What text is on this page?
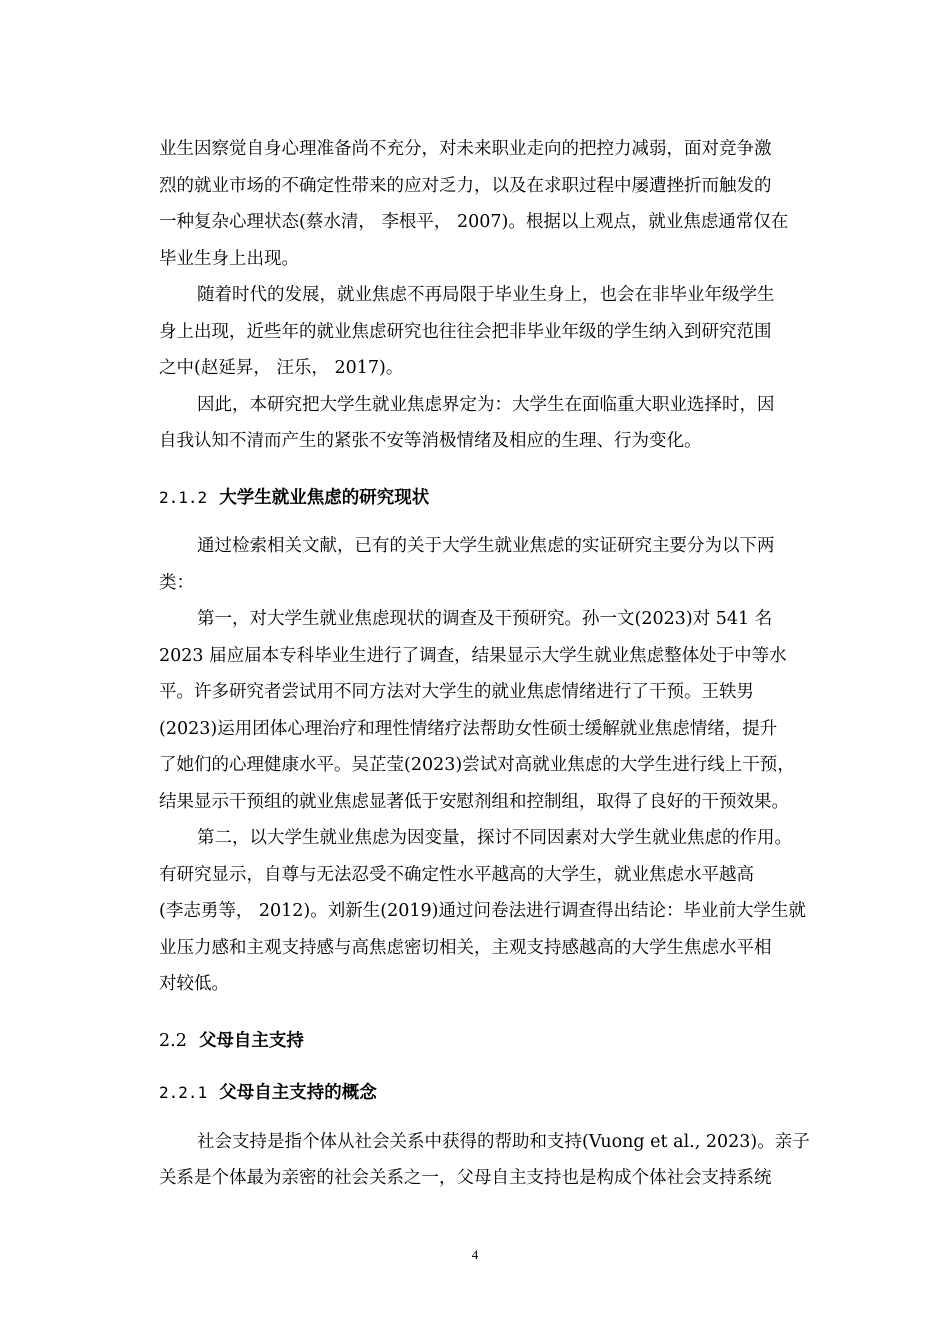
业生因察觉自身心理准备尚不充分，对未来职业走向的把控力减弱，面对竞争激
烈的就业市场的不确定性带来的应对乏力，以及在求职过程中屡遭挫折而触发的
一种复杂心理状态(蔡水清， 李根平， 2007)。根据以上观点，就业焦虑通常仅在
毕业生身上出现。

随着时代的发展，就业焦虑不再局限于毕业生身上，也会在非毕业年级学生
身上出现，近些年的就业焦虑研究也往往会把非毕业年级的学生纳入到研究范围
之中(赵延昇， 汪乐， 2017)。

因此，本研究把大学生就业焦虑界定为：大学生在面临重大职业选择时，因
自我认知不清而产生的紧张不安等消极情绪及相应的生理、行为变化。

2.1.2 大学生就业焦虑的研究现状

通过检索相关文献，已有的关于大学生就业焦虑的实证研究主要分为以下两
类：

第一，对大学生就业焦虑现状的调查及干预研究。孙一文(2023)对 541 名
2023 届应届本专科毕业生进行了调查，结果显示大学生就业焦虑整体处于中等水
平。许多研究者尝试用不同方法对大学生的就业焦虑情绪进行了干预。王轶男
(2023)运用团体心理治疗和理性情绪疗法帮助女性硕士缓解就业焦虑情绪，提升
了她们的心理健康水平。吴芷莹(2023)尝试对高就业焦虑的大学生进行线上干预，
结果显示干预组的就业焦虑显著低于安慰剂组和控制组，取得了良好的干预效果。

第二，以大学生就业焦虑为因变量，探讨不同因素对大学生就业焦虑的作用。
有研究显示，自尊与无法忍受不确定性水平越高的大学生，就业焦虑水平越高
(李志勇等， 2012)。刘新生(2019)通过问卷法进行调查得出结论：毕业前大学生就
业压力感和主观支持感与高焦虑密切相关，主观支持感越高的大学生焦虑水平相
对较低。

2.2 父母自主支持
2.2.1 父母自主支持的概念

社会支持是指个体从社会关系中获得的帮助和支持(Vuong et al., 2023)。亲子
关系是个体最为亲密的社会关系之一，父母自主支持也是构成个体社会支持系统

4
